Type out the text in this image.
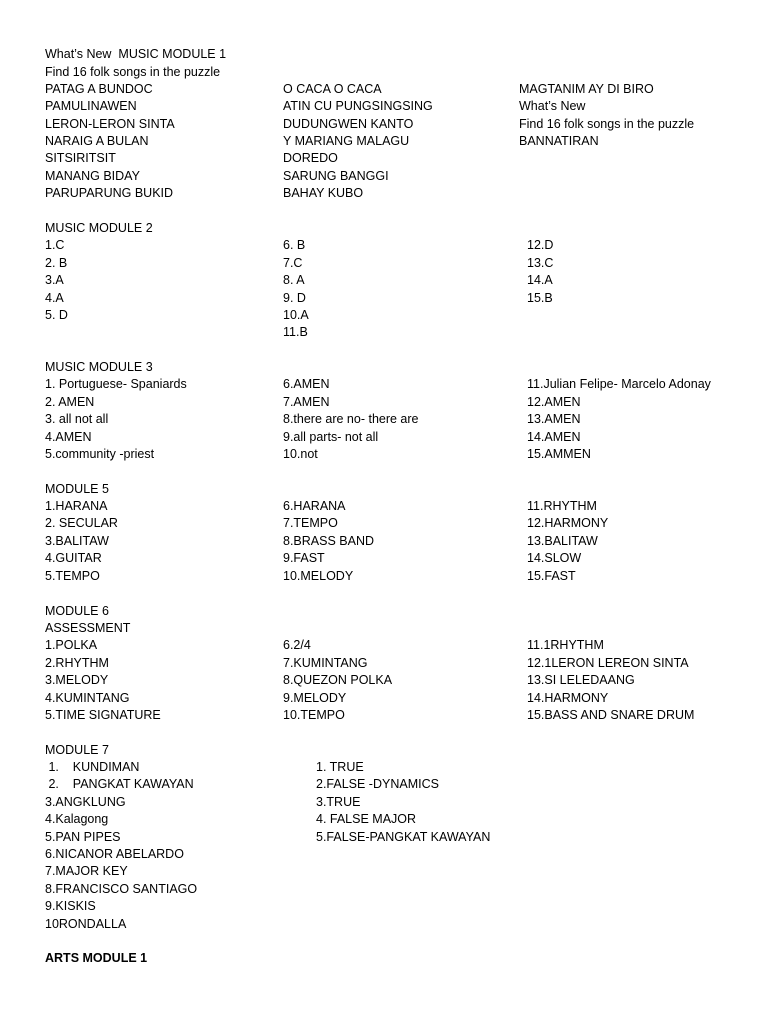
What’s New  MUSIC MODULE 1
Find 16 folk songs in the puzzle
PATAG A BUNDOC
PAMULINAWEN
LERON-LERON SINTA
NARAIG A BULAN
SITSIRITSIT
MANANG BIDAY
PARUPARUNG BUKID
O CACA O CACA
ATIN CU PUNGSINGSING
DUDUNGWEN KANTO
Y MARIANG MALAGU
DOREDO
SARUNG BANGGI
BAHAY KUBO
MAGTANIM AY DI BIRO
What’s New
Find 16 folk songs in the puzzle
BANNATIRAN
MUSIC MODULE 2
1.C
2. B
3.A
4.A
5. D
6. B
7.C
8. A
9. D
10.A
11.B
12.D
13.C
14.A
15.B
MUSIC MODULE 3
1. Portuguese- Spaniards
2. AMEN
3. all not all
4.AMEN
5.community -priest
6.AMEN
7.AMEN
8.there are no- there are
9.all parts- not all
10.not
11.Julian Felipe- Marcelo Adonay
12.AMEN
13.AMEN
14.AMEN
15.AMMEN
MODULE 5
1.HARANA
2. SECULAR
3.BALITAW
4.GUITAR
5.TEMPO
6.HARANA
7.TEMPO
8.BRASS BAND
9.FAST
10.MELODY
11.RHYTHM
12.HARMONY
13.BALITAW
14.SLOW
15.FAST
MODULE 6
ASSESSMENT
1.POLKA
2.RHYTHM
3.MELODY
4.KUMINTANG
5.TIME SIGNATURE
6.2/4
7.KUMINTANG
8.QUEZON POLKA
9.MELODY
10.TEMPO
11.1RHYTHM
12.1LERON LEREON SINTA
13.SI LELEDAANG
14.HARMONY
15.BASS AND SNARE DRUM
MODULE 7
1.    KUNDIMAN
2.    PANGKAT KAWAYAN
3.ANGKLUNG
4.Kalagong
5.PAN PIPES
6.NICANOR ABELARDO
7.MAJOR KEY
8.FRANCISCO SANTIAGO
9.KISKIS
10RONDALLA
1. TRUE
2.FALSE -DYNAMICS
3.TRUE
4. FALSE MAJOR
5.FALSE-PANGKAT KAWAYAN
ARTS MODULE 1
